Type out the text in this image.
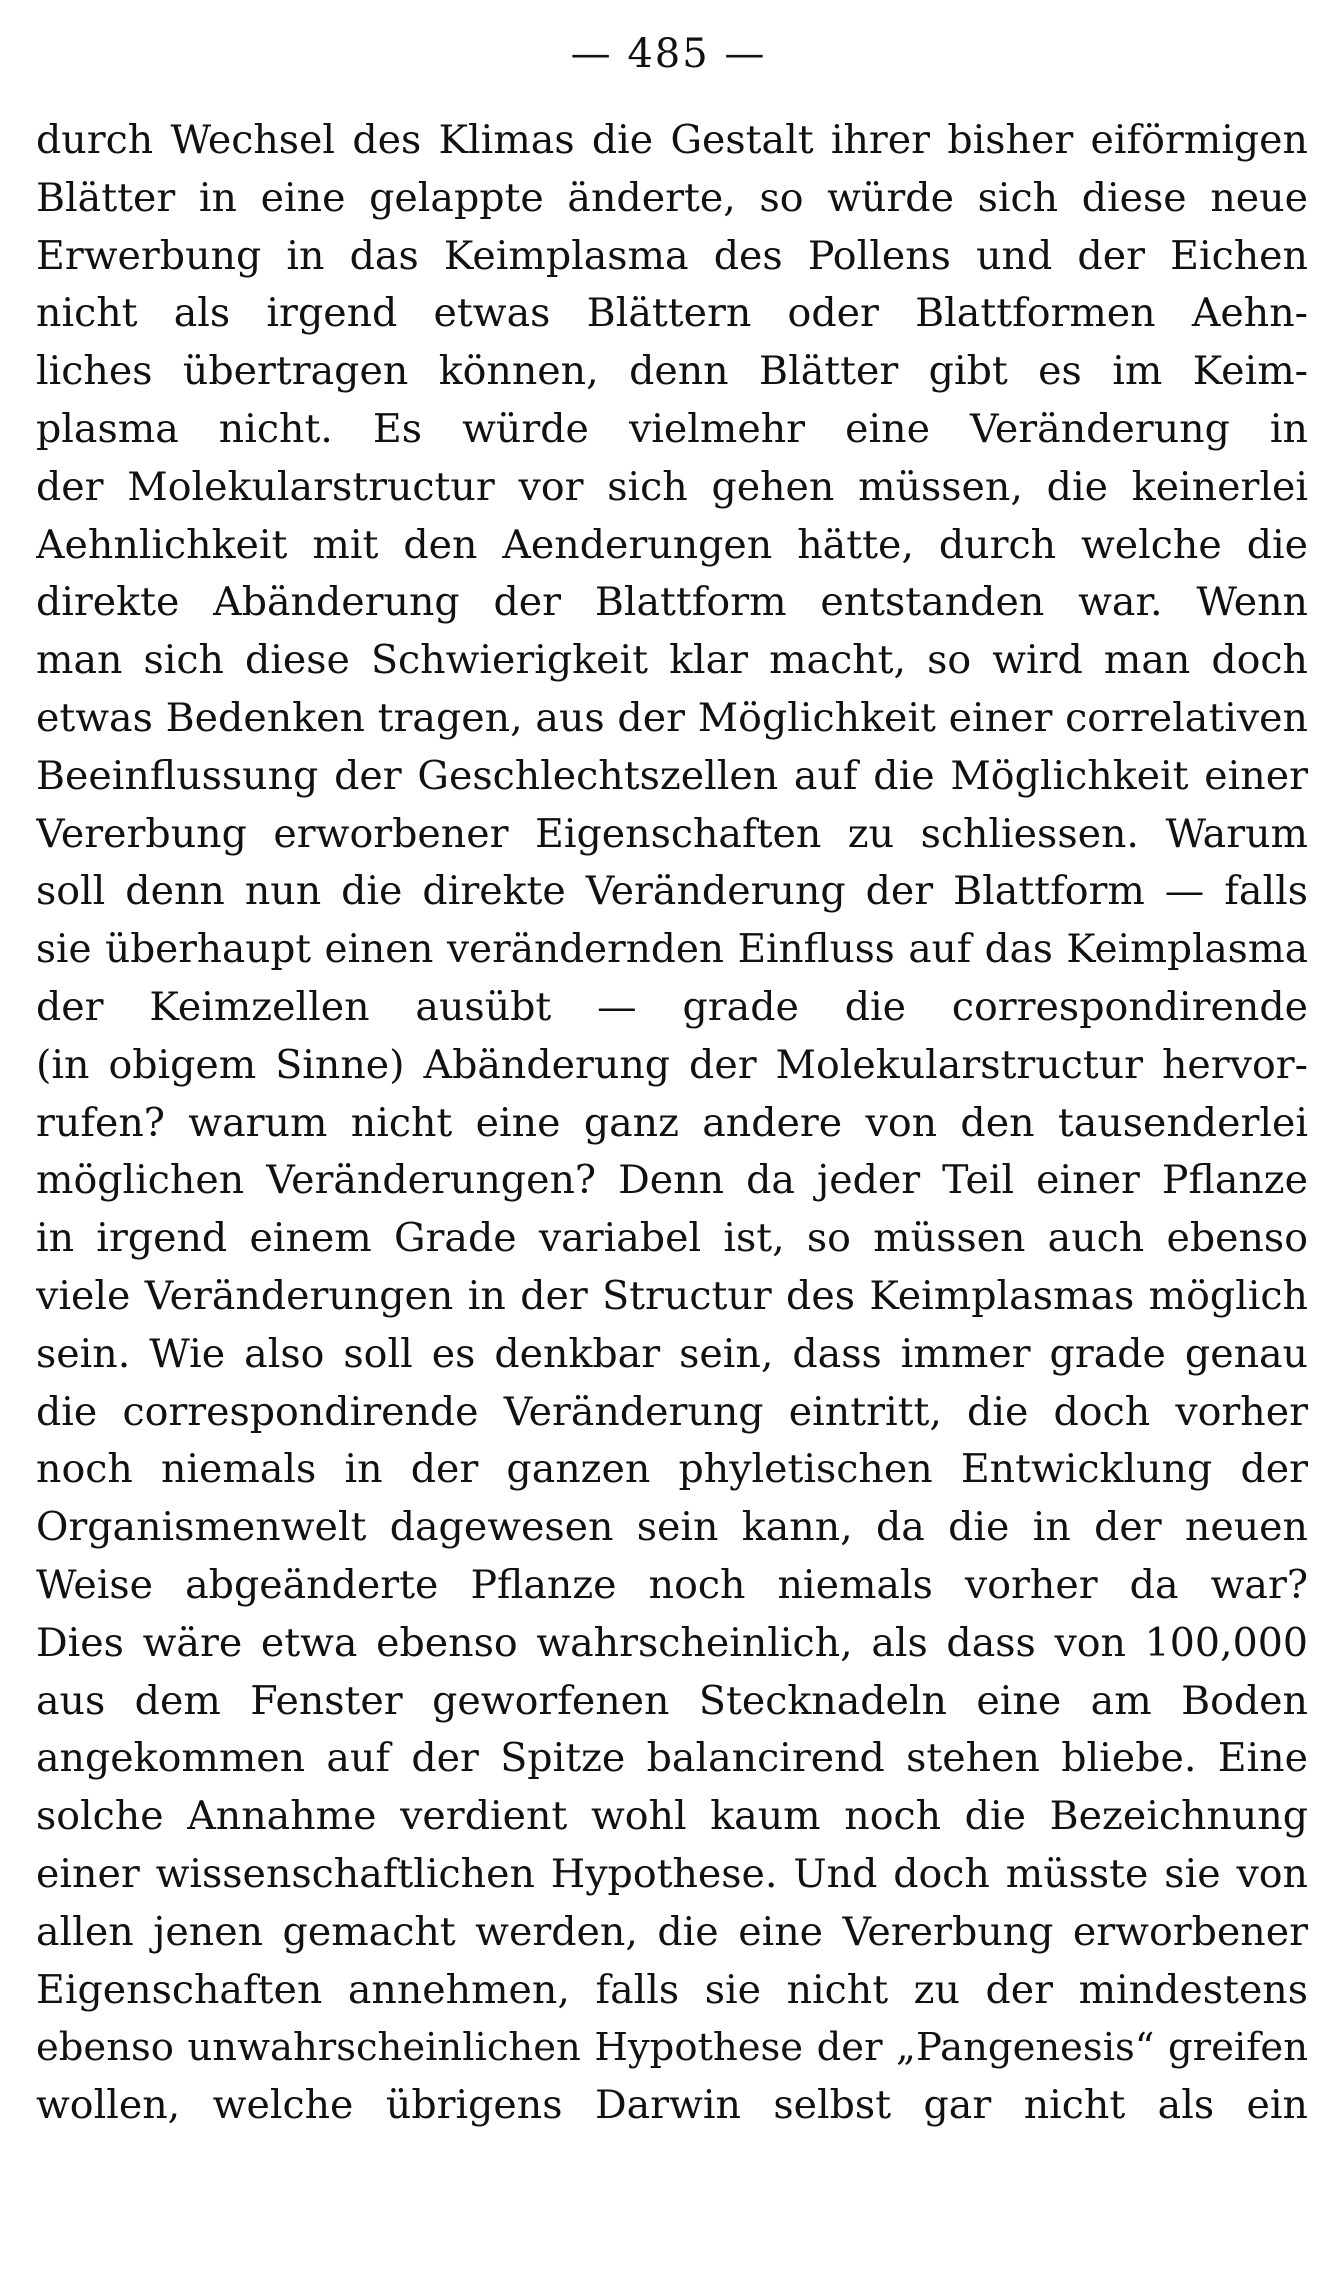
— 485 —
durch Wechsel des Klimas die Gestalt ihrer bisher eiförmigen
Blätter in eine gelappte änderte, so würde sich diese neue
Erwerbung in das Keimplasma des Pollens und der Eichen
nicht als irgend etwas Blättern oder Blattformen Aehn-
liches übertragen können, denn Blätter gibt es im Keim-
plasma nicht. Es würde vielmehr eine Veränderung in
der Molekularstructur vor sich gehen müssen, die keinerlei
Aehnlichkeit mit den Aenderungen hätte, durch welche die
direkte Abänderung der Blattform entstanden war. Wenn
man sich diese Schwierigkeit klar macht, so wird man doch
etwas Bedenken tragen, aus der Möglichkeit einer correlativen
Beeinflussung der Geschlechtszellen auf die Möglichkeit einer
Vererbung erworbener Eigenschaften zu schliessen. Warum
soll denn nun die direkte Veränderung der Blattform — falls
sie überhaupt einen verändernden Einfluss auf das Keimplasma
der Keimzellen ausübt — grade die correspondirende
(in obigem Sinne) Abänderung der Molekularstructur hervor-
rufen? warum nicht eine ganz andere von den tausenderlei
möglichen Veränderungen? Denn da jeder Teil einer Pflanze
in irgend einem Grade variabel ist, so müssen auch ebenso
viele Veränderungen in der Structur des Keimplasmas möglich
sein. Wie also soll es denkbar sein, dass immer grade genau
die correspondirende Veränderung eintritt, die doch vorher
noch niemals in der ganzen phyletischen Entwicklung der
Organismenwelt dagewesen sein kann, da die in der neuen
Weise abgeänderte Pflanze noch niemals vorher da war?
Dies wäre etwa ebenso wahrscheinlich, als dass von 100,000
aus dem Fenster geworfenen Stecknadeln eine am Boden
angekommen auf der Spitze balancirend stehen bliebe. Eine
solche Annahme verdient wohl kaum noch die Bezeichnung
einer wissenschaftlichen Hypothese. Und doch müsste sie von
allen jenen gemacht werden, die eine Vererbung erworbener
Eigenschaften annehmen, falls sie nicht zu der mindestens
ebenso unwahrscheinlichen Hypothese der „Pangenesis“ greifen
wollen, welche übrigens Darwin selbst gar nicht als ein
